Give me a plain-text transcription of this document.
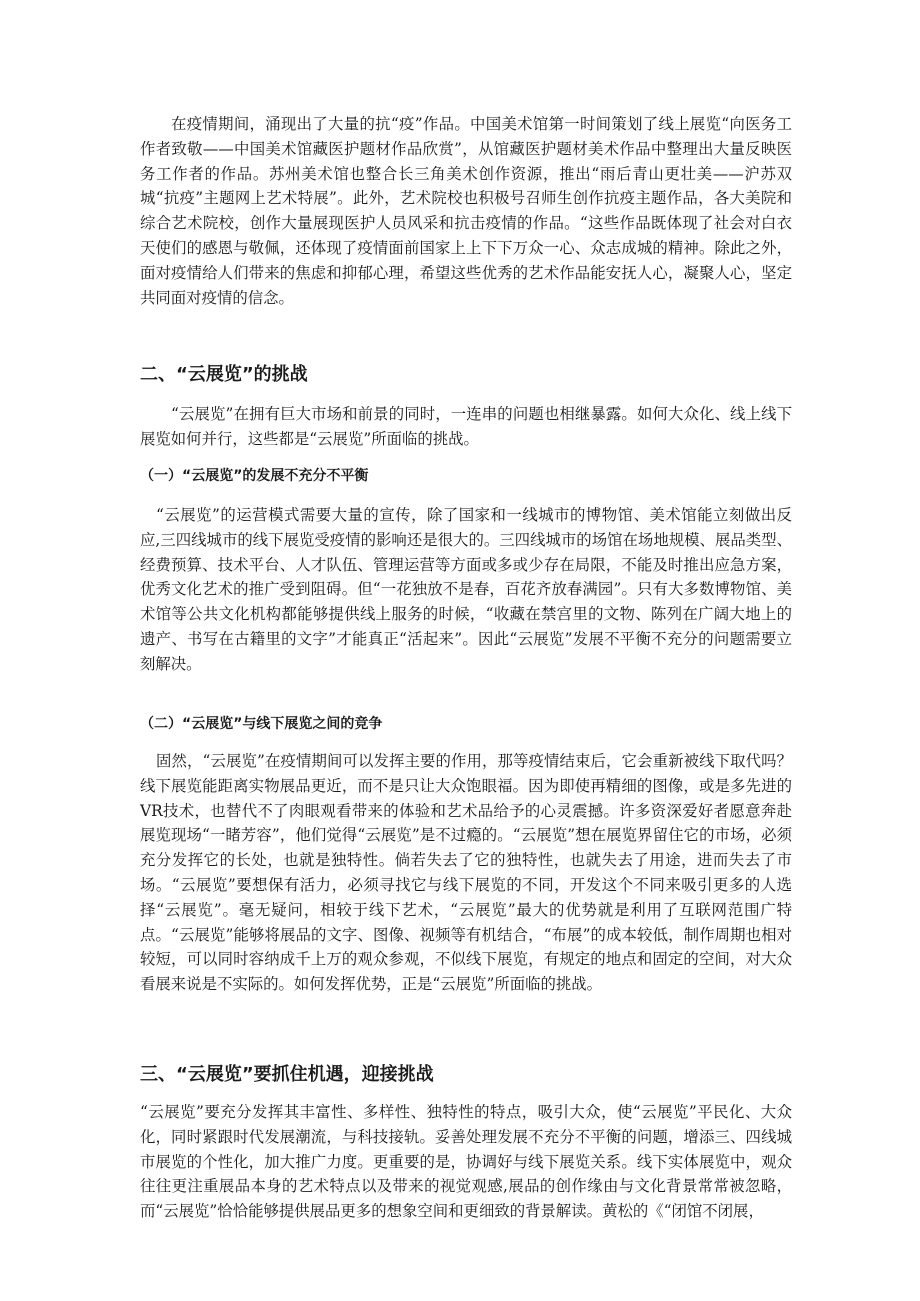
在疫情期间，涌现出了大量的抗“疫”作品。中国美术馆第一时间策划了线上展览“向医务工作者致敬——中国美术馆藏医护题材作品欣赏”，从馆藏医护题材美术作品中整理出大量反映医务工作者的作品。苏州美术馆也整合长三角美术创作资源，推出“雨后青山更壮美——沪苏双城“抗疫”主题网上艺术特展”。此外，艺术院校也积极号召师生创作抗疫主题作品，各大美院和综合艺术院校，创作大量展现医护人员风采和抗击疫情的作品。“这些作品既体现了社会对白衣天使们的感恩与敬佩，还体现了疫情面前国家上上下下万众一心、众志成城的精神。除此之外，面对疫情给人们带来的焦虑和抑郁心理，希望这些优秀的艺术作品能安抚人心，凝聚人心，坚定共同面对疫情的信念。

二、“云展览”的挑战

“云展览”在拥有巨大市场和前景的同时，一连串的问题也相继暴露。如何大众化、线上线下展览如何并行，这些都是“云展览”所面临的挑战。

（一）“云展览”的发展不充分不平衡

“云展览”的运营模式需要大量的宣传，除了国家和一线城市的博物馆、美术馆能立刻做出反应,三四线城市的线下展览受疫情的影响还是很大的。三四线城市的场馆在场地规模、展品类型、经费预算、技术平台、人才队伍、管理运营等方面或多或少存在局限，不能及时推出应急方案，优秀文化艺术的推广受到阻碍。但“一花独放不是春，百花齐放春满园”。只有大多数博物馆、美术馆等公共文化机构都能够提供线上服务的时候，“收藏在禁宫里的文物、陈列在广阔大地上的遗产、书写在古籍里的文字”才能真正“活起来”。因此“云展览”发展不平衡不充分的问题需要立刻解决。

（二）“云展览”与线下展览之间的竞争

固然，“云展览”在疫情期间可以发挥主要的作用，那等疫情结束后，它会重新被线下取代吗？线下展览能距离实物展品更近，而不是只让大众饱眼福。因为即使再精细的图像，或是多先进的VR技术，也替代不了肉眼观看带来的体验和艺术品给予的心灵震撼。许多资深爱好者愿意奔赴展览现场“一睹芳容”，他们觉得“云展览”是不过瘾的。“云展览”想在展览界留住它的市场，必须充分发挥它的长处，也就是独特性。倘若失去了它的独特性，也就失去了用途，进而失去了市场。“云展览”要想保有活力，必须寻找它与线下展览的不同，开发这个不同来吸引更多的人选择“云展览”。毫无疑问，相较于线下艺术，“云展览”最大的优势就是利用了互联网范围广特点。“云展览”能够将展品的文字、图像、视频等有机结合，“布展”的成本较低，制作周期也相对较短，可以同时容纳成千上万的观众参观，不似线下展览，有规定的地点和固定的空间，对大众看展来说是不实际的。如何发挥优势，正是“云展览”所面临的挑战。

三、“云展览”要抓住机遇，迎接挑战

“云展览”要充分发挥其丰富性、多样性、独特性的特点，吸引大众，使“云展览”平民化、大众化，同时紧跟时代发展潮流，与科技接轨。妥善处理发展不充分不平衡的问题，增添三、四线城市展览的个性化，加大推广力度。更重要的是，协调好与线下展览关系。线下实体展览中，观众往往更注重展品本身的艺术特点以及带来的视觉观感,展品的创作缘由与文化背景常常被忽略，而“云展览”恰恰能够提供展品更多的想象空间和更细致的背景解读。黄松的《“闭馆不闭展，
